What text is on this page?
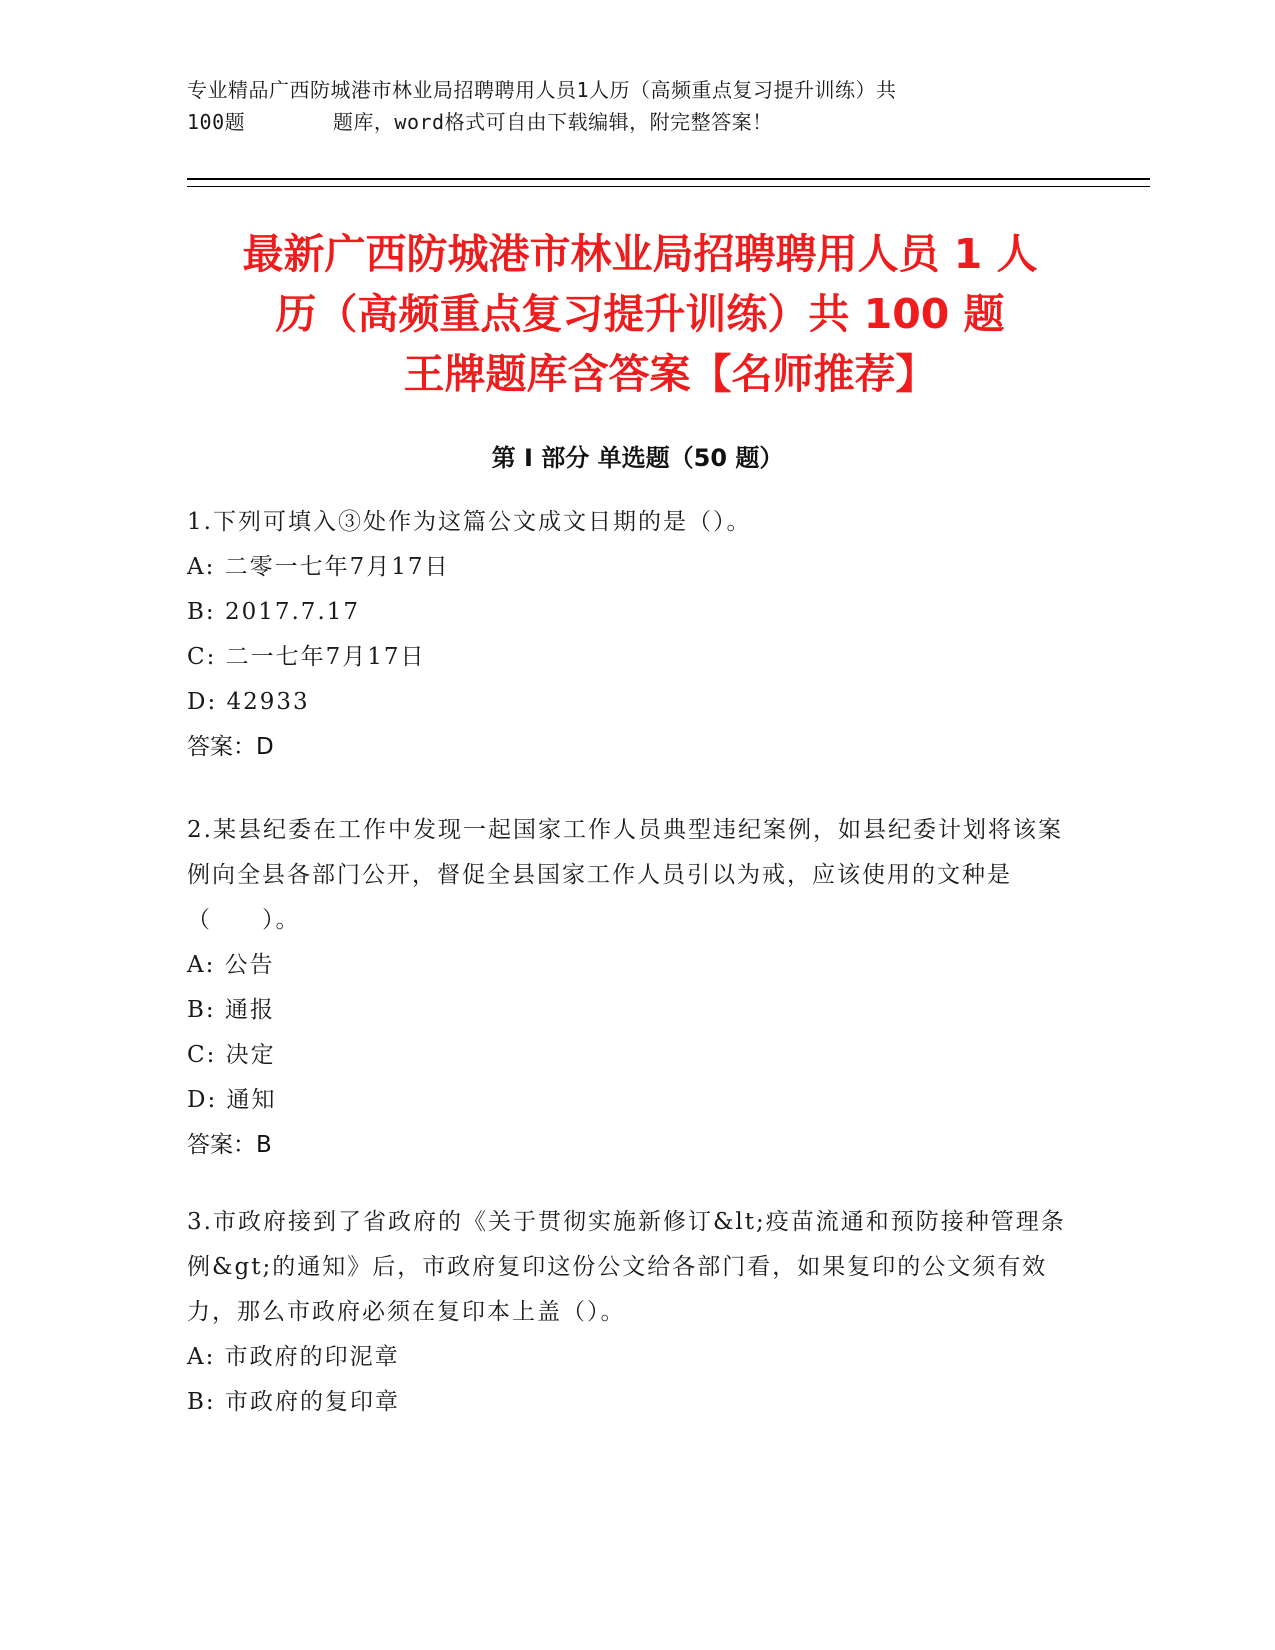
专业精品广西防城港市林业局招聘聘用人员1人历（高频重点复习提升训练）共
100题       题库，word格式可自由下载编辑，附完整答案！
最新广西防城港市林业局招聘聘用人员 1 人
历（高频重点复习提升训练）共 100 题
王牌题库含答案【名师推荐】
第 I 部分 单选题（50 题）
1.下列可填入③处作为这篇公文成文日期的是（）。
A: 二零一七年7月17日
B: 2017.7.17
C: 二一七年7月17日
D: 42933
答案：D
2.某县纪委在工作中发现一起国家工作人员典型违纪案例，如县纪委计划将该案例向全县各部门公开，督促全县国家工作人员引以为戒，应该使用的文种是（　　）。
A: 公告
B: 通报
C: 决定
D: 通知
答案：B
3.市政府接到了省政府的《关于贯彻实施新修订&lt;疫苗流通和预防接种管理条例&gt;的通知》后，市政府复印这份公文给各部门看，如果复印的公文须有效力，那么市政府必须在复印本上盖（）。
A: 市政府的印泥章
B: 市政府的复印章
